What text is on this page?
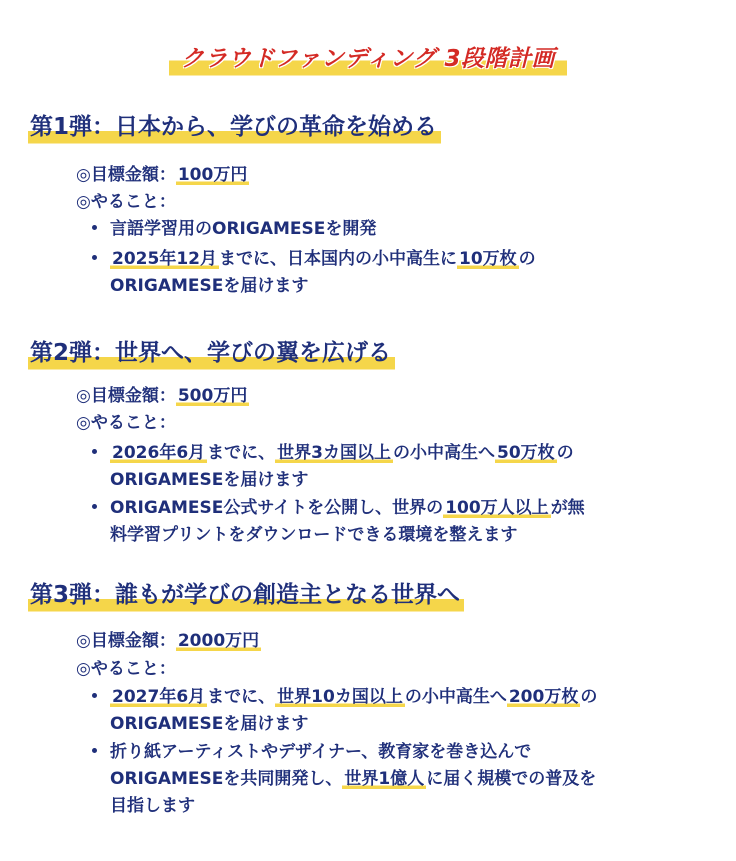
クラウドファンディング 3段階計画
第1弾：日本から、学びの革命を始める
◎目標金額： 100万円
◎やること：
言語学習用のORIGAMESEを開発
2025年12月 までに、日本国内の小中高生に 10万枚 の
ORIGAMESEを届けます
第2弾：世界へ、学びの翼を広げる
◎目標金額： 500万円
◎やること：
2026年6月 までに、 世界3カ国以上 の小中高生へ 50万枚 の
ORIGAMESEを届けます
ORIGAMESE公式サイトを公開し、世界の 100万人以上 が無
料学習プリントをダウンロードできる環境を整えます
第3弾：誰もが学びの創造主となる世界へ
◎目標金額： 2000万円
◎やること：
2027年6月 までに、 世界10カ国以上 の小中高生へ 200万枚 の
ORIGAMESEを届けます
折り紙アーティストやデザイナー、教育家を巻き込んで
ORIGAMESEを共同開発し、 世界1億人 に届く規模での普及を
目指します
